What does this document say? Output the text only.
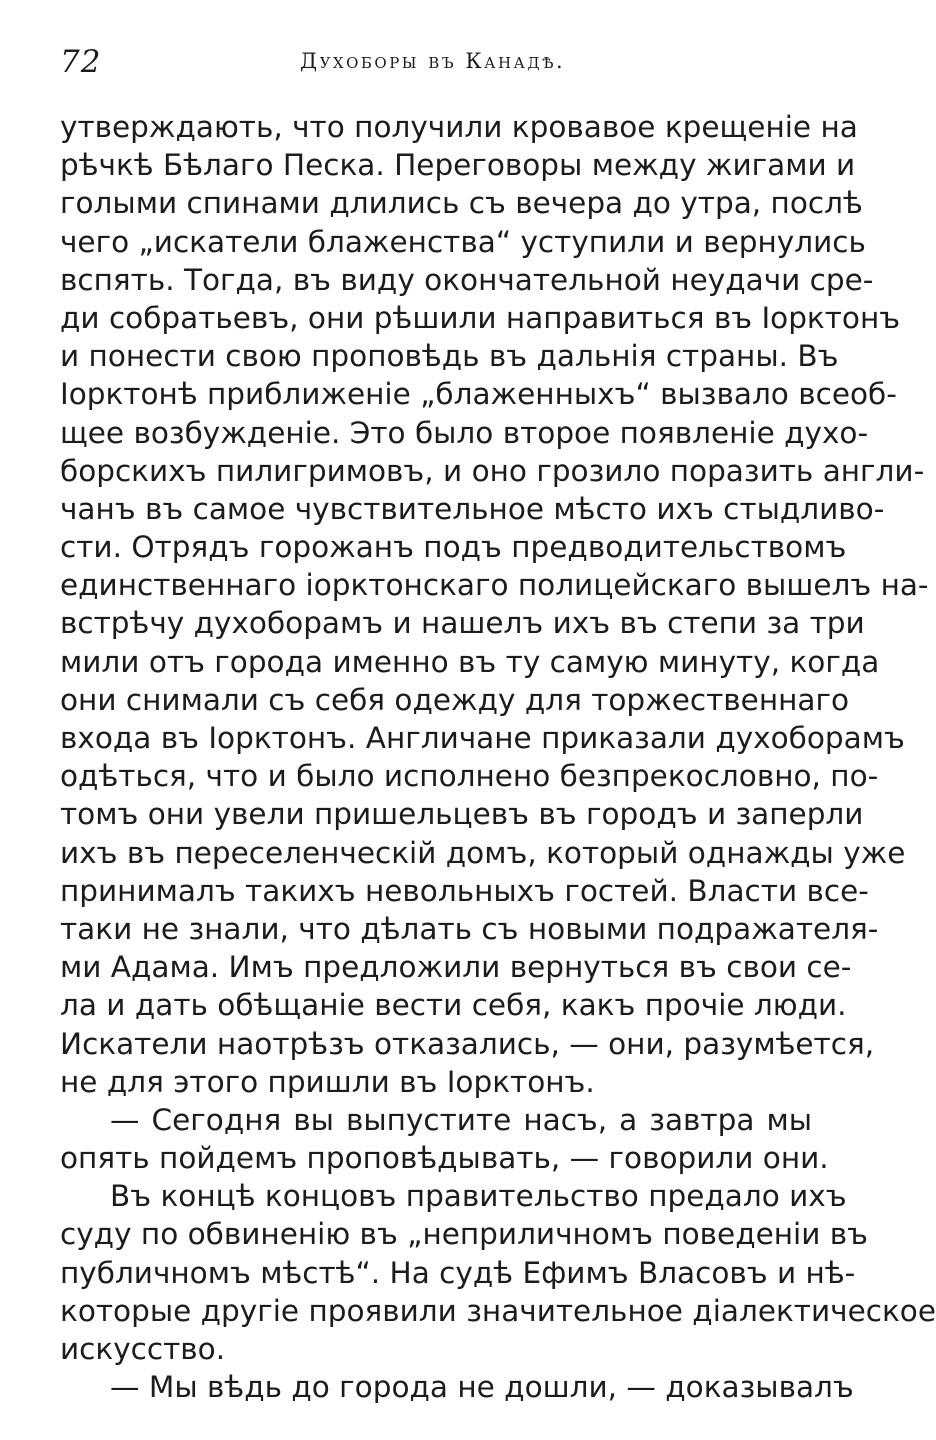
72	Духоборы въ Канадѣ.
утверждають, что получили кровавое крещеніе на
рѣчкѣ Бѣлаго Песка. Переговоры между жигами и
голыми спинами длились съ вечера до утра, послѣ
чего „искатели блаженства“ уступили и вернулись
вспять. Тогда, въ виду окончательной неудачи сре-
ди собратьевъ, они рѣшили направиться въ Іорктонъ
и понести свою проповѣдь въ дальнія страны. Въ
Іорктонѣ приближеніе „блаженныхъ“ вызвало всеоб-
щее возбужденіе. Это было второе появленіе духо-
борскихъ пилигримовъ, и оно грозило поразить англи-
чанъ въ самое чувствительное мѣсто ихъ стыдливо-
сти. Отрядъ горожанъ подъ предводительствомъ
единственнаго іорктонскаго полицейскаго вышелъ на-
встрѣчу духоборамъ и нашелъ ихъ въ степи за три
мили отъ города именно въ ту самую минуту, когда
они снимали съ себя одежду для торжественнаго
входа въ Іорктонъ. Англичане приказали духоборамъ
одѣться, что и было исполнено безпрекословно, по-
томъ они увели пришельцевъ въ городъ и заперли
ихъ въ переселенческій домъ, который однажды уже
принималъ такихъ невольныхъ гостей. Власти все-
таки не знали, что дѣлать съ новыми подражателя-
ми Адама. Имъ предложили вернуться въ свои се-
ла и дать обѣщаніе вести себя, какъ прочіе люди.
Искатели наотрѣзъ отказались, — они, разумѣется,
не для этого пришли въ Іорктонъ.
— Сегодня вы выпустите насъ, а завтра мы
опять пойдемъ проповѣдывать, — говорили они.
Въ концѣ концовъ правительство предало ихъ
суду по обвиненію въ „неприличномъ поведеніи въ
публичномъ мѣстѣ“. На судѣ Ефимъ Власовъ и нѣ-
которые другіе проявили значительное діалектическое
искусство.
— Мы вѣдь до города не дошли, — доказывалъ
